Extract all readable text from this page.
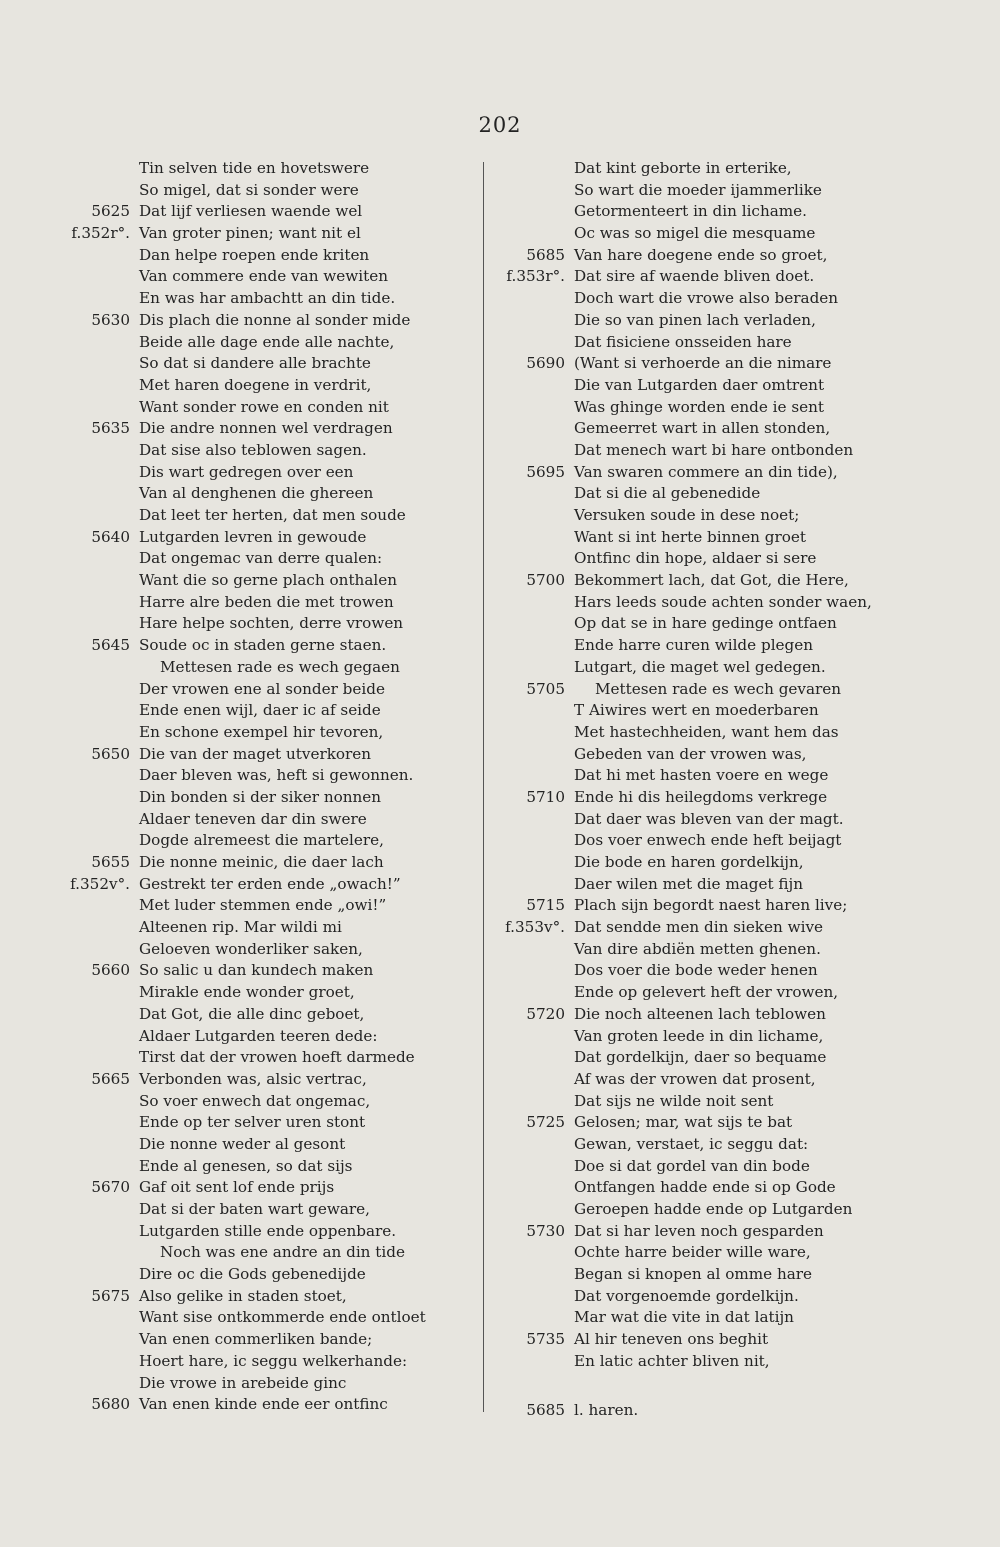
202
Tin selven tide en hovetswere
So migel, dat si sonder were
5625 Dat lijf verliesen waende wel
f.352r°. Van groter pinen; want nit el
Dan helpe roepen ende kriten
Van commere ende van wewiten
En was har ambachtt an din tide.
5630 Dis plach die nonne al sonder mide
Beide alle dage ende alle nachte,
So dat si dandere alle brachte
Met haren doegene in verdrit,
Want sonder rowe en conden nit
5635 Die andre nonnen wel verdragen
Dat sise also teblowen sagen.
Dis wart gedregen over een
Van al denghenen die ghereen
Dat leet ter herten, dat men soude
5640 Lutgarden levren in gewoude
Dat ongemac van derre qualen:
Want die so gerne plach onthalen
Harre alre beden die met trowen
Hare helpe sochten, derre vrowen
5645 Soude oc in staden gerne staen.
Mettesen rade es wech gegaen
Der vrowen ene al sonder beide
Ende enen wijl, daer ic af seide
En schone exempel hir tevoren,
5650 Die van der maget utverkoren
Daer bleven was, heft si gewonnen.
Din bonden si der siker nonnen
Aldaer teneven dar din swere
Dogde alremeest die martelere,
5655 Die nonne meinic, die daer lach
f.352v°. Gestrekt ter erden ende „owach!”
Met luder stemmen ende „owi!”
Alteenen rip. Mar wildi mi
Geloeven wonderliker saken,
5660 So salic u dan kundech maken
Mirakle ende wonder groet,
Dat Got, die alle dinc geboet,
Aldaer Lutgarden teeren dede:
Tirst dat der vrowen hoeft darmede
5665 Verbonden was, alsic vertrac,
So voer enwech dat ongemac,
Ende op ter selver uren stont
Die nonne weder al gesont
Ende al genesen, so dat sijs
5670 Gaf oit sent lof ende prijs
Dat si der baten wart geware,
Lutgarden stille ende oppenbare.
Noch was ene andre an din tide
Dire oc die Gods gebenedijde
5675 Also gelike in staden stoet,
Want sise ontkommerde ende ontloet
Van enen commerliken bande;
Hoert hare, ic seggu welkerhande:
Die vrowe in arebeide ginc
5680 Van enen kinde ende eer ontfinc
Dat kint geborte in erterike,
So wart die moeder ijammerlike
Getormenteert in din lichame.
Oc was so migel die mesquame
5685 Van hare doegene ende so groet,
f.353r°. Dat sire af waende bliven doet.
Doch wart die vrowe also beraden
Die so van pinen lach verladen,
Dat fisiciene onsseiden hare
5690 (Want si verhoerde an die nimare
Die van Lutgarden daer omtrent
Was ghinge worden ende ie sent
Gemeerret wart in allen stonden,
Dat menech wart bi hare ontbonden
5695 Van swaren commere an din tide),
Dat si die al gebenedide
Versuken soude in dese noet;
Want si int herte binnen groet
Ontfinc din hope, aldaer si sere
5700 Bekommert lach, dat Got, die Here,
Hars leeds soude achten sonder waen,
Op dat se in hare gedinge ontfaen
Ende harre curen wilde plegen
Lutgart, die maget wel gedegen.
5705 Mettesen rade es wech gevaren
T Aiwires wert en moederbaren
Met hastechheiden, want hem das
Gebeden van der vrowen was,
Dat hi met hasten voere en wege
5710 Ende hi dis heilegdoms verkrege
Dat daer was bleven van der magt.
Dos voer enwech ende heft beijagt
Die bode en haren gordelkijn,
Daer wilen met die maget fijn
5715 Plach sijn begordt naest haren live;
f.353v°. Dat sendde men din sieken wive
Van dire abdiën metten ghenen.
Dos voer die bode weder henen
Ende op gelevert heft der vrowen,
5720 Die noch alteenen lach teblowen
Van groten leede in din lichame,
Dat gordelkijn, daer so bequame
Af was der vrowen dat prosent,
Dat sijs ne wilde noit sent
5725 Gelosen; mar, wat sijs te bat
Gewan, verstaet, ic seggu dat:
Doe si dat gordel van din bode
Ontfangen hadde ende si op Gode
Geroepen hadde ende op Lutgarden
5730 Dat si har leven noch gesparden
Ochte harre beider wille ware,
Began si knopen al omme hare
Dat vorgenoemde gordelkijn.
Mar wat die vite in dat latijn
5735 Al hir teneven ons beghit
En latic achter bliven nit,
5685 l. haren.
